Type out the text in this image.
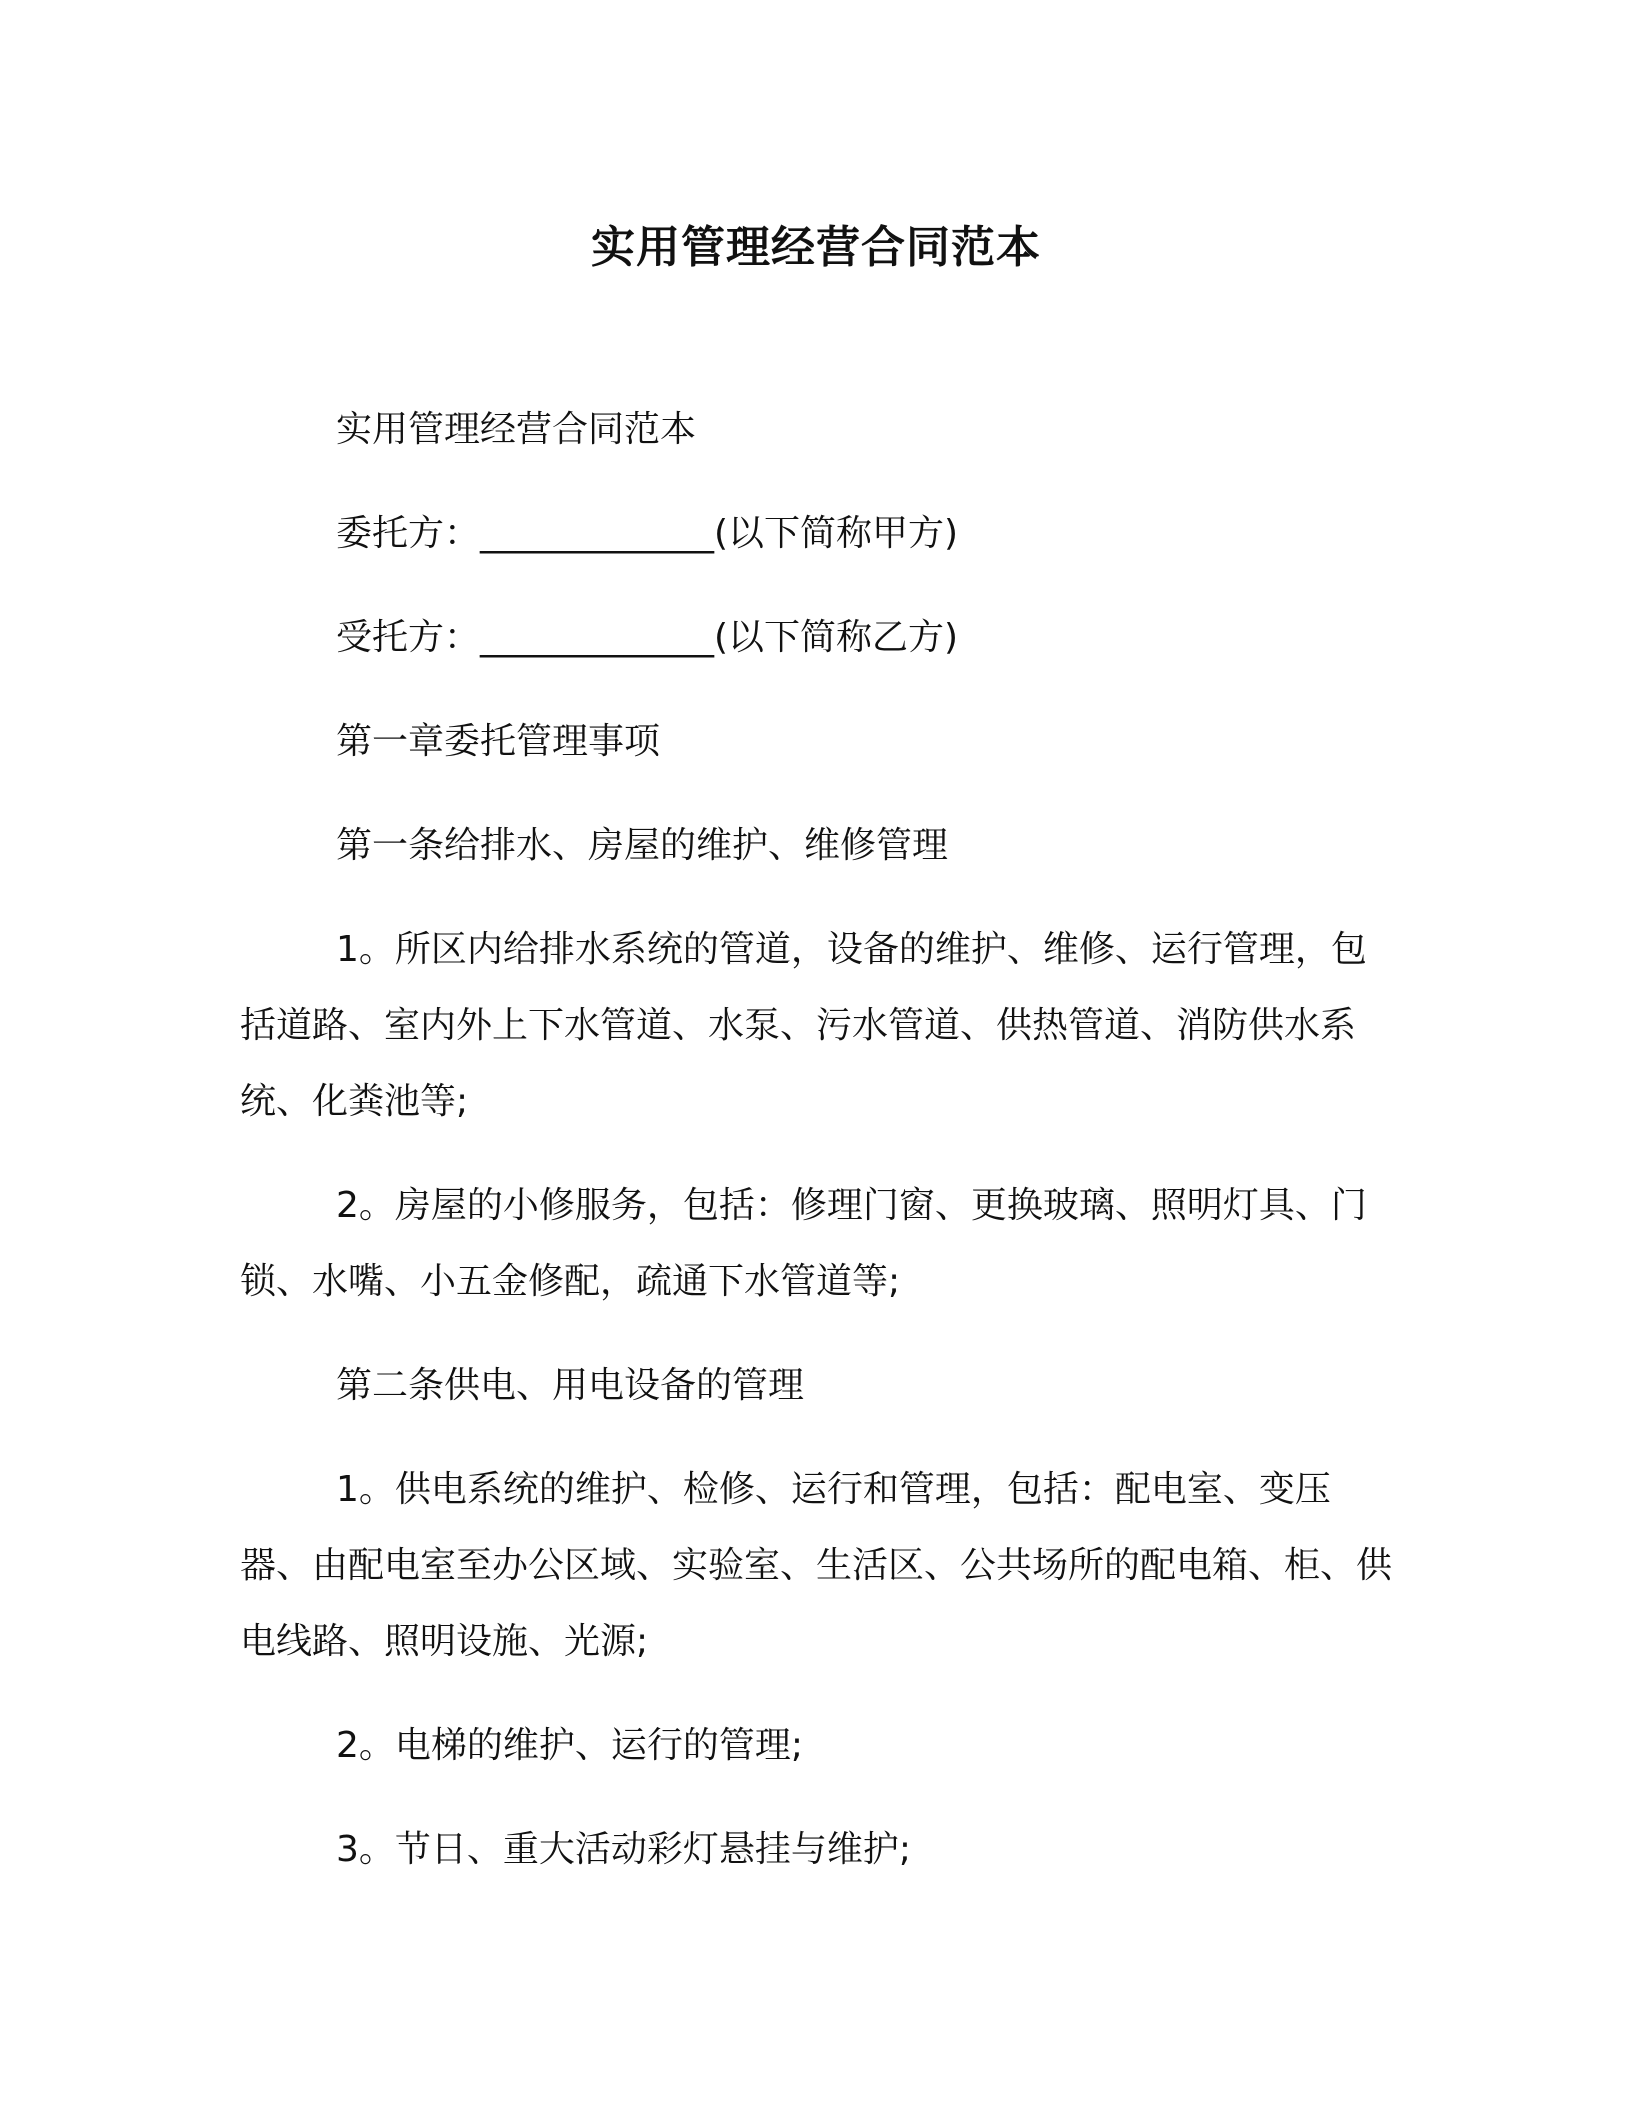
实用管理经营合同范本

实用管理经营合同范本

委托方：_____________(以下简称甲方)

受托方：_____________(以下简称乙方)

第一章委托管理事项

第一条给排水、房屋的维护、维修管理

1。所区内给排水系统的管道，设备的维护、维修、运行管理，包括道路、室内外上下水管道、水泵、污水管道、供热管道、消防供水系统、化粪池等;

2。房屋的小修服务，包括：修理门窗、更换玻璃、照明灯具、门锁、水嘴、小五金修配，疏通下水管道等;

第二条供电、用电设备的管理

1。供电系统的维护、检修、运行和管理，包括：配电室、变压器、由配电室至办公区域、实验室、生活区、公共场所的配电箱、柜、供电线路、照明设施、光源;

2。电梯的维护、运行的管理;

3。节日、重大活动彩灯悬挂与维护;
